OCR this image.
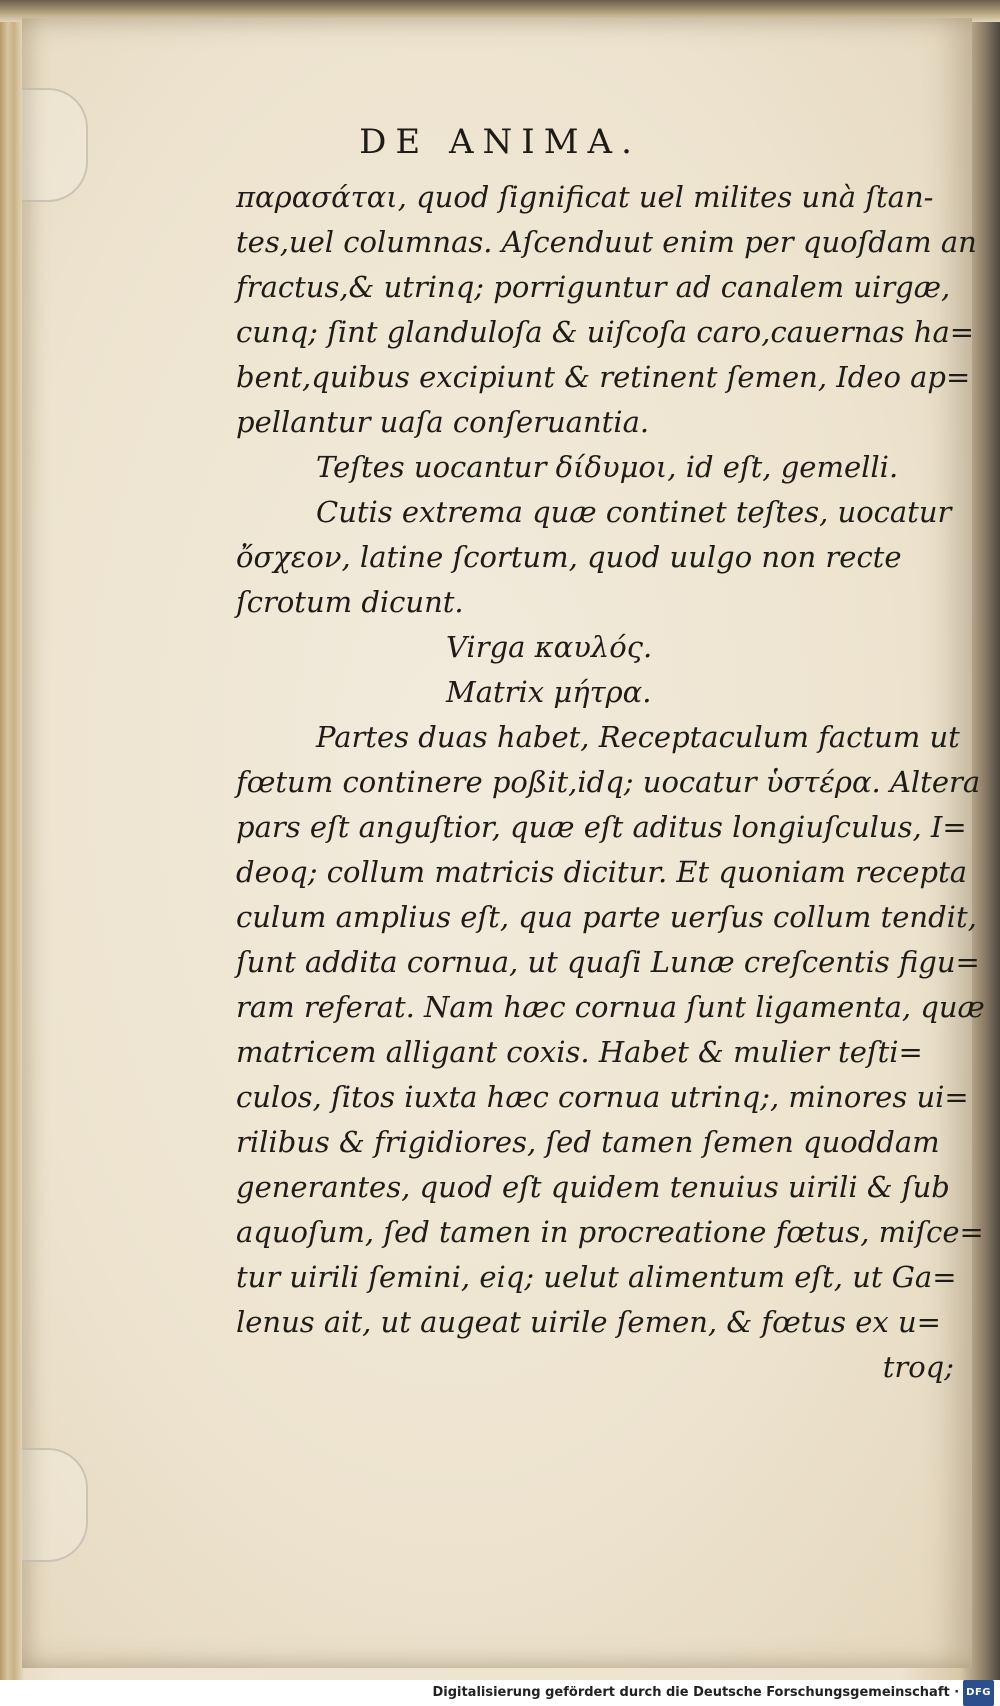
DE ANIMA.
παρασάται, quod ſignificat uel milites unà ſtan-
tes,uel columnas. Aſcenduut enim per quoſdam an
fractus,& utrinq; porriguntur ad canalem uirgæ,
cunq; ſint glanduloſa & uiſcoſa caro,cauernas ha=
bent,quibus excipiunt & retinent ſemen, Ideo ap=
pellantur uaſa conſeruantia.
Teſtes uocantur δίδυμοι, id eſt, gemelli.
Cutis extrema quæ continet teſtes, uocatur
ὄσχεον, latine ſcortum, quod uulgo non recte
ſcrotum dicunt.
Virga καυλός.
Matrix μήτρα.
Partes duas habet, Receptaculum factum ut
fœtum continere poßit,idq; uocatur ὑστέρα. Altera
pars eſt anguſtior, quæ eſt aditus longiuſculus, I=
deoq; collum matricis dicitur. Et quoniam recepta
culum amplius eſt, qua parte uerſus collum tendit,
ſunt addita cornua, ut quaſi Lunæ creſcentis figu=
ram referat. Nam hæc cornua ſunt ligamenta, quæ
matricem alligant coxis. Habet & mulier teſti=
culos, ſitos iuxta hæc cornua utrinq;, minores ui=
rilibus & frigidiores, ſed tamen ſemen quoddam
generantes, quod eſt quidem tenuius uirili & ſub
aquoſum, ſed tamen in procreatione fœtus, miſce=
tur uirili ſemini, eiq; uelut alimentum eſt, ut Ga=
lenus ait, ut augeat uirile ſemen, & fœtus ex u=
troq;
Digitalisierung gefördert durch die Deutsche Forschungsgemeinschaft · DFG
